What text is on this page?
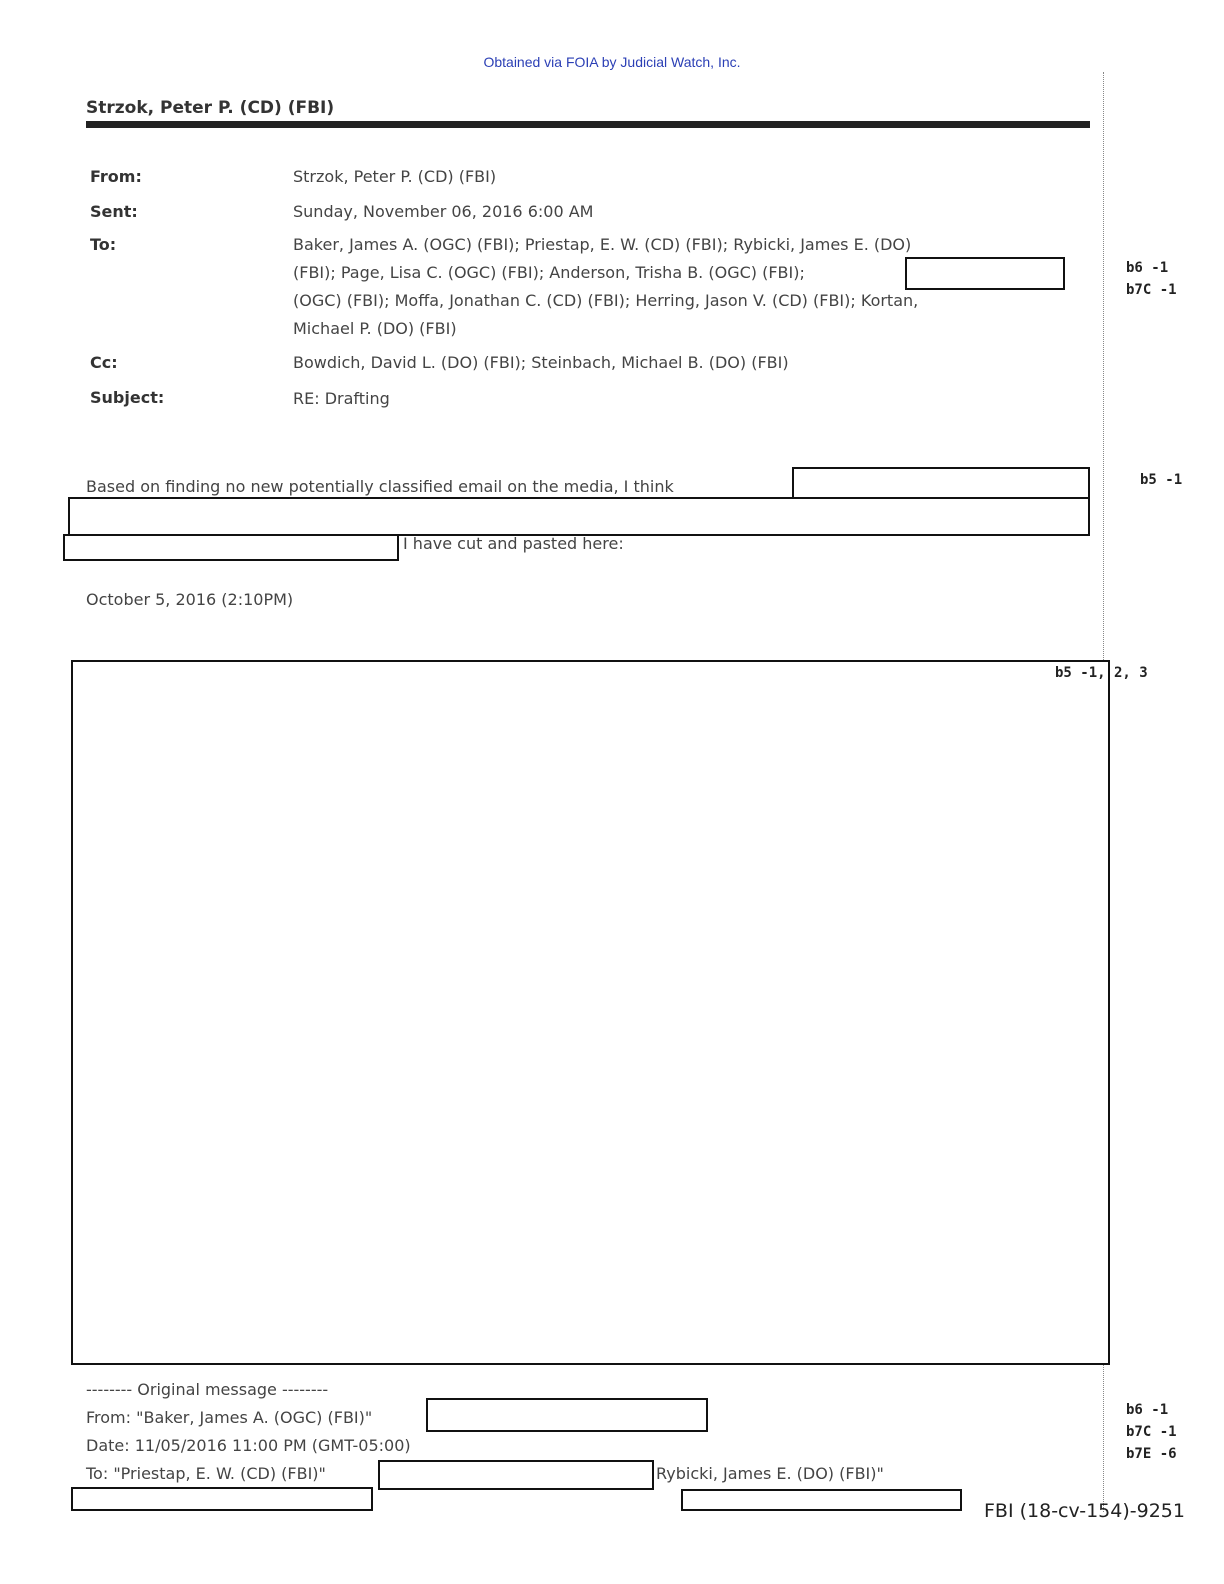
Obtained via FOIA by Judicial Watch, Inc.
Strzok, Peter P. (CD) (FBI)
From:	Strzok, Peter P. (CD) (FBI)
Sent:	Sunday, November 06, 2016 6:00 AM
To:	Baker, James A. (OGC) (FBI); Priestap, E. W. (CD) (FBI); Rybicki, James E. (DO)
(FBI); Page, Lisa C. (OGC) (FBI); Anderson, Trisha B. (OGC) (FBI);
(OGC) (FBI); Moffa, Jonathan C. (CD) (FBI); Herring, Jason V. (CD) (FBI); Kortan,
Michael P. (DO) (FBI)
b6 -1
b7C -1
Cc:	Bowdich, David L. (DO) (FBI); Steinbach, Michael B. (DO) (FBI)
Subject:	RE: Drafting
Based on finding no new potentially classified email on the media, I think
I have cut and pasted here:
b5 -1
October 5, 2016 (2:10PM)
b5 -1, 2, 3
-------- Original message --------
From: "Baker, James A. (OGC) (FBI)"
Date: 11/05/2016 11:00 PM (GMT-05:00)
To: "Priestap, E. W. (CD) (FBI)"	Rybicki, James E. (DO) (FBI)"
b6 -1
b7C -1
b7E -6
FBI (18-cv-154)-9251
